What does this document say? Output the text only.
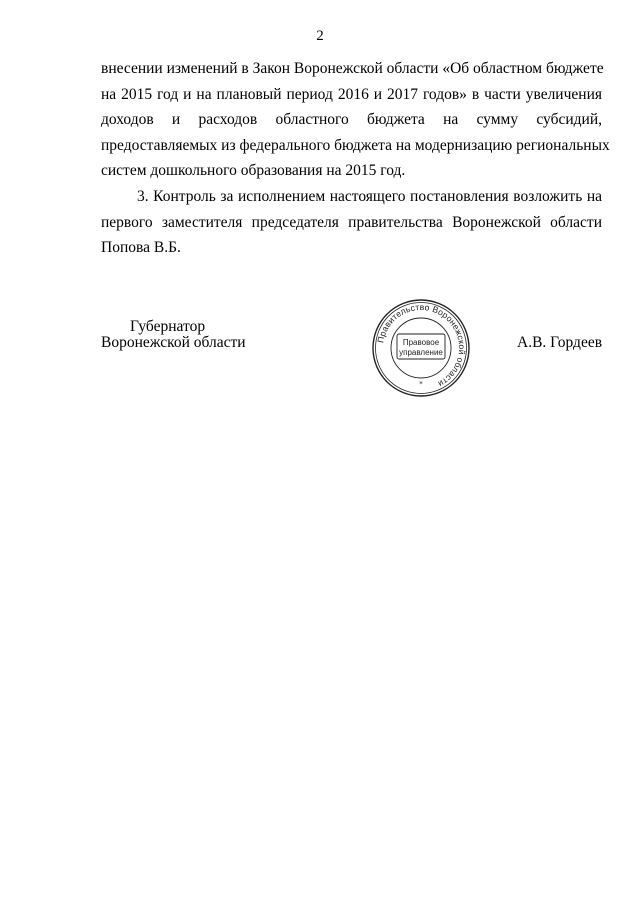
2
внесении изменений в Закон Воронежской области «Об областном бюджете
на 2015 год и на плановый период 2016 и 2017 годов» в части увеличения
доходов и расходов областного бюджета на сумму субсидий,
предоставляемых из федерального бюджета на модернизацию региональных
систем дошкольного образования на 2015 год.
3. Контроль за исполнением настоящего постановления возложить на
первого заместителя председателя правительства Воронежской области
Попова В.Б.
Губернатор
Воронежской области	Правительство Воронежской области
Правовое
управление
*
А.В. Гордеев
